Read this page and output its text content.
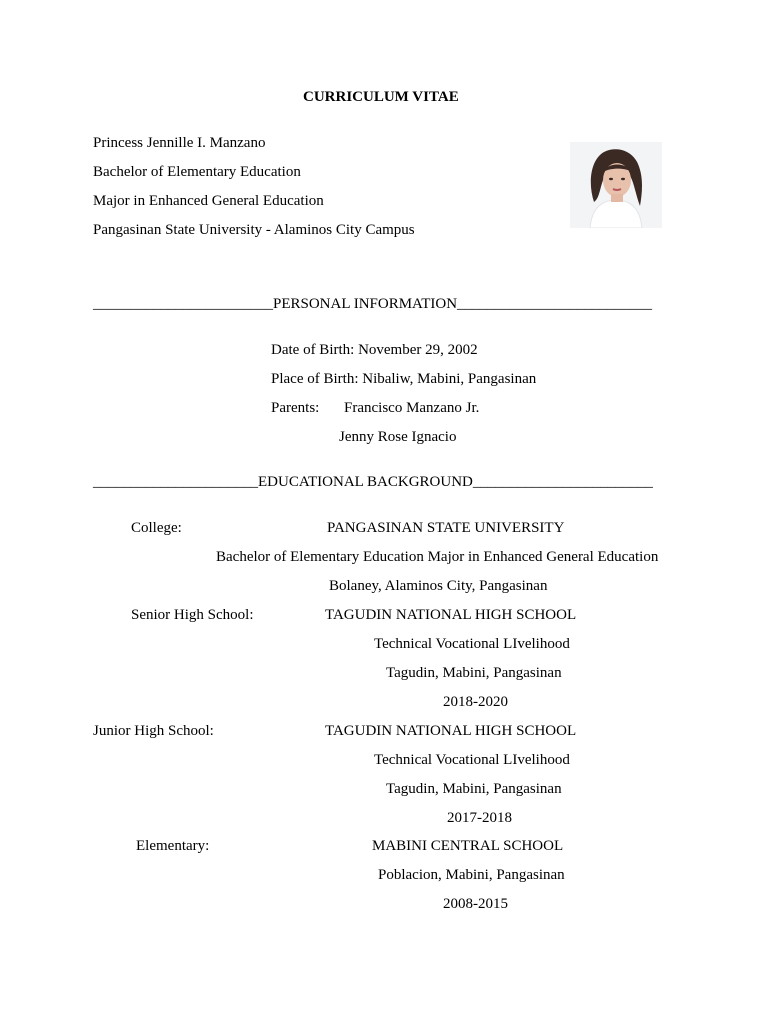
CURRICULUM VITAE
Princess Jennille I. Manzano
Bachelor of Elementary Education
Major in Enhanced General Education
Pangasinan State University - Alaminos City Campus
________________________PERSONAL INFORMATION__________________________
Date of Birth: November 29, 2002
Place of Birth: Nibaliw, Mabini, Pangasinan
Parents: Francisco Manzano Jr.
Jenny Rose Ignacio
______________________EDUCATIONAL BACKGROUND________________________
College:	PANGASINAN STATE UNIVERSITY
Bachelor of Elementary Education Major in Enhanced General Education
Bolaney, Alaminos City, Pangasinan
Senior High School:	TAGUDIN NATIONAL HIGH SCHOOL
Technical Vocational LIvelihood
Tagudin, Mabini, Pangasinan
2018-2020
Junior High School:	TAGUDIN NATIONAL HIGH SCHOOL
Technical Vocational LIvelihood
Tagudin, Mabini, Pangasinan
2017-2018
Elementary:	MABINI CENTRAL SCHOOL
Poblacion, Mabini, Pangasinan
2008-2015
